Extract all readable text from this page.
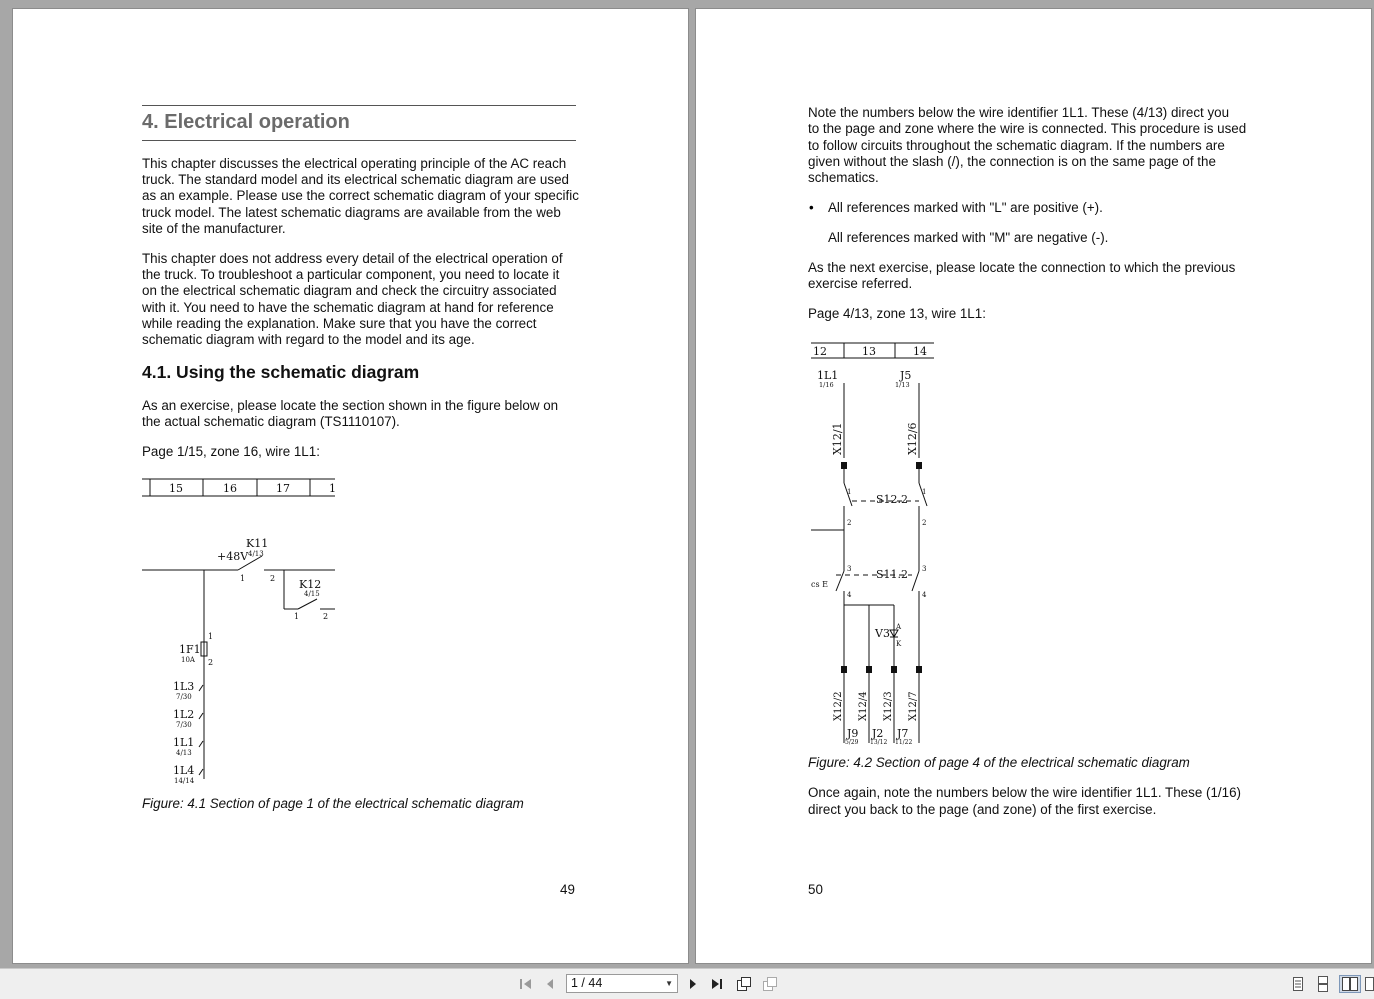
4. Electrical operation
This chapter discusses the electrical operating principle of the AC reach
truck. The standard model and its electrical schematic diagram are used
as an example. Please use the correct schematic diagram of your specific
truck model. The latest schematic diagrams are available from the web
site of the manufacturer.
This chapter does not address every detail of the electrical operation of
the truck. To troubleshoot a particular component, you need to locate it
on the electrical schematic diagram and check the circuitry associated
with it. You need to have the schematic diagram at hand for reference
while reading the explanation. Make sure that you have the correct
schematic diagram with regard to the model and its age.
4.1. Using the schematic diagram
As an exercise, please locate the section shown in the figure below on
the actual schematic diagram (TS1110107).
Page 1/15, zone 16, wire 1L1:
15	16	17	1
K11
+48V 4/13
1	2 K12
4/15
1	2
1
2
1F1
10A
1L3
7/30
1L2
7/30
1L1
4/13
1L4
14/14
Figure: 4.1 Section of page 1 of the electrical schematic diagram
49
Note the numbers below the wire identifier 1L1. These (4/13) direct you
to the page and zone where the wire is connected. This procedure is used
to follow circuits throughout the schematic diagram. If the numbers are
given without the slash (/), the connection is on the same page of the
schematics.
• All references marked with "L" are positive (+).
All references marked with "M" are negative (-).
As the next exercise, please locate the connection to which the previous
exercise referred.
Page 4/13, zone 13, wire 1L1:
12	13	14
1L1
1/16
J5
1/13
X12/1	X12/6
S12.2
S11.2
cs E
V3 A
K
1
2
3
4
1
2
3
4
X12/2 X12/4 X12/3 X12/7
J9
5/29
J2
13/12
J7
11/22
Figure: 4.2 Section of page 4 of the electrical schematic diagram
Once again, note the numbers below the wire identifier 1L1. These (1/16)
direct you back to the page (and zone) of the first exercise.
50
1 / 44	▼
